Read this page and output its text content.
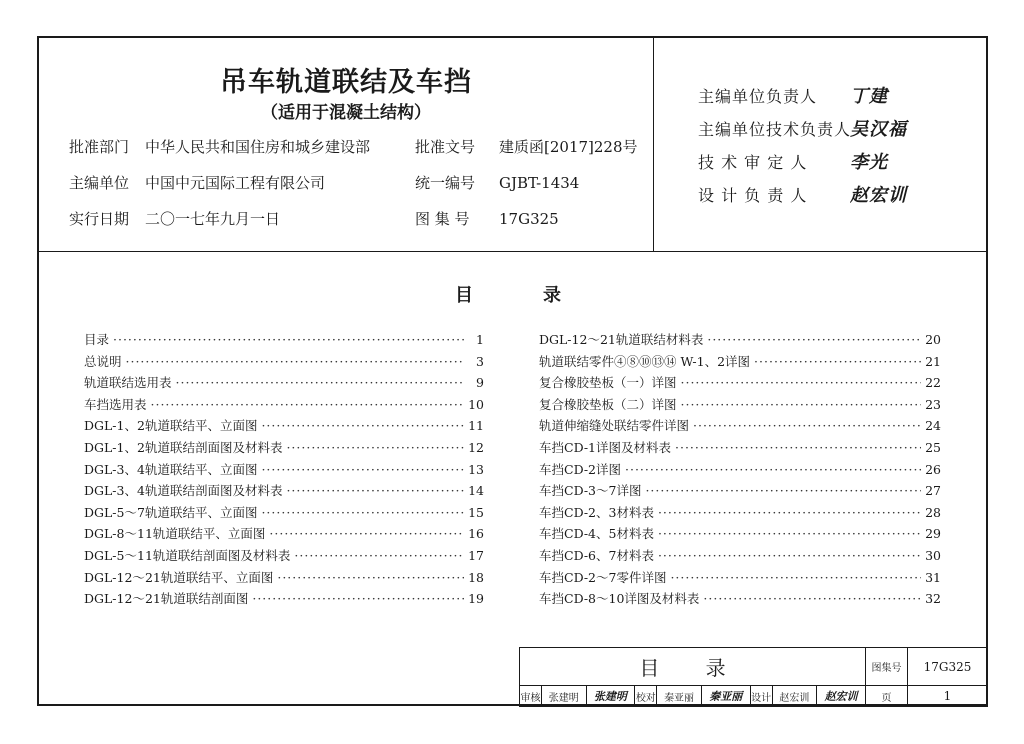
吊车轨道联结及车挡
（适用于混凝土结构）
批准部门 中华人民共和国住房和城乡建设部
主编单位 中国中元国际工程有限公司
实行日期 二〇一七年九月一日
批准文号 建质函[2017]228号
统一编号 GJBT-1434
图 集 号 17G325
主编单位负责人 丁建
主编单位技术负责人吴汉福
技 术 审 定 人 李光
设 计 负 责 人 赵宏训
目	录
目录 ·····	1
总说明 ·····	3
轨道联结选用表 ·····	9
车挡选用表 ·····	10
DGL-1、2轨道联结平、立面图 ·····	11
DGL-1、2轨道联结剖面图及材料表 ·····	12
DGL-3、4轨道联结平、立面图 ·····	13
DGL-3、4轨道联结剖面图及材料表 ·····	14
DGL-5～7轨道联结平、立面图 ·····	15
DGL-8～11轨道联结平、立面图 ·····	16
DGL-5～11轨道联结剖面图及材料表 ·····	17
DGL-12～21轨道联结平、立面图 ·····	18
DGL-12～21轨道联结剖面图 ·····	19
DGL-12～21轨道联结材料表 ·····	20
轨道联结零件④⑧⑩⑬⑭ W-1、2详图 ·····	21
复合橡胶垫板（一）详图 ·····	22
复合橡胶垫板（二）详图 ·····	23
轨道伸缩缝处联结零件详图 ·····	24
车挡CD-1详图及材料表 ·····	25
车挡CD-2详图 ·····	26
车挡CD-3～7详图 ·····	27
车挡CD-2、3材料表 ·····	28
车挡CD-4、5材料表 ·····	29
车挡CD-6、7材料表 ·····	30
车挡CD-2～7零件详图 ·····	31
车挡CD-8～10详图及材料表 ·····	32
目 录									图集号	17G325
审核	张建明	张建明	校对	秦亚丽	秦亚丽	设计	赵宏训	赵宏训	页	1
